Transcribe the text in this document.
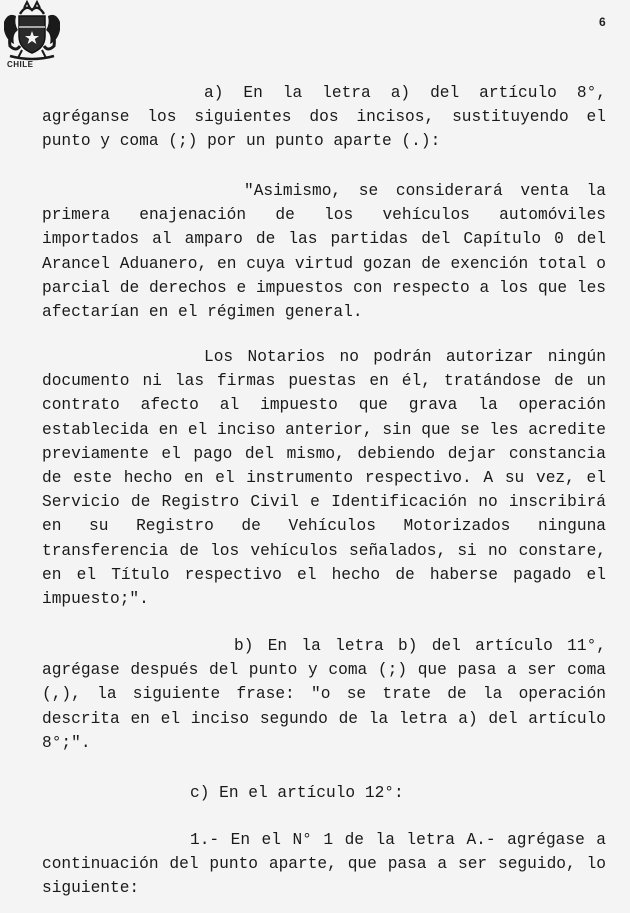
CHILE
6

a) En la letra a) del artículo 8°, agréganse los siguientes dos incisos, sustituyendo el punto y coma (;) por un punto aparte (.):

"Asimismo, se considerará venta la primera enajenación de los vehículos automóviles importados al amparo de las partidas del Capítulo 0 del Arancel Aduanero, en cuya virtud gozan de exención total o parcial de derechos e impuestos con respecto a los que les afectarían en el régimen general.

Los Notarios no podrán autorizar ningún documento ni las firmas puestas en él, tratándose de un contrato afecto al impuesto que grava la operación establecida en el inciso anterior, sin que se les acredite previamente el pago del mismo, debiendo dejar constancia de este hecho en el instrumento respectivo. A su vez, el Servicio de Registro Civil e Identificación no inscribirá en su Registro de Vehículos Motorizados ninguna transferencia de los vehículos señalados, si no constare, en el Título respectivo el hecho de haberse pagado el impuesto;".

b) En la letra b) del artículo 11°, agrégase después del punto y coma (;) que pasa a ser coma (,), la siguiente frase: "o se trate de la operación descrita en el inciso segundo de la letra a) del artículo 8°;".

c) En el artículo 12°:

1.- En el N° 1 de la letra A.- agrégase a continuación del punto aparte, que pasa a ser seguido, lo siguiente:
